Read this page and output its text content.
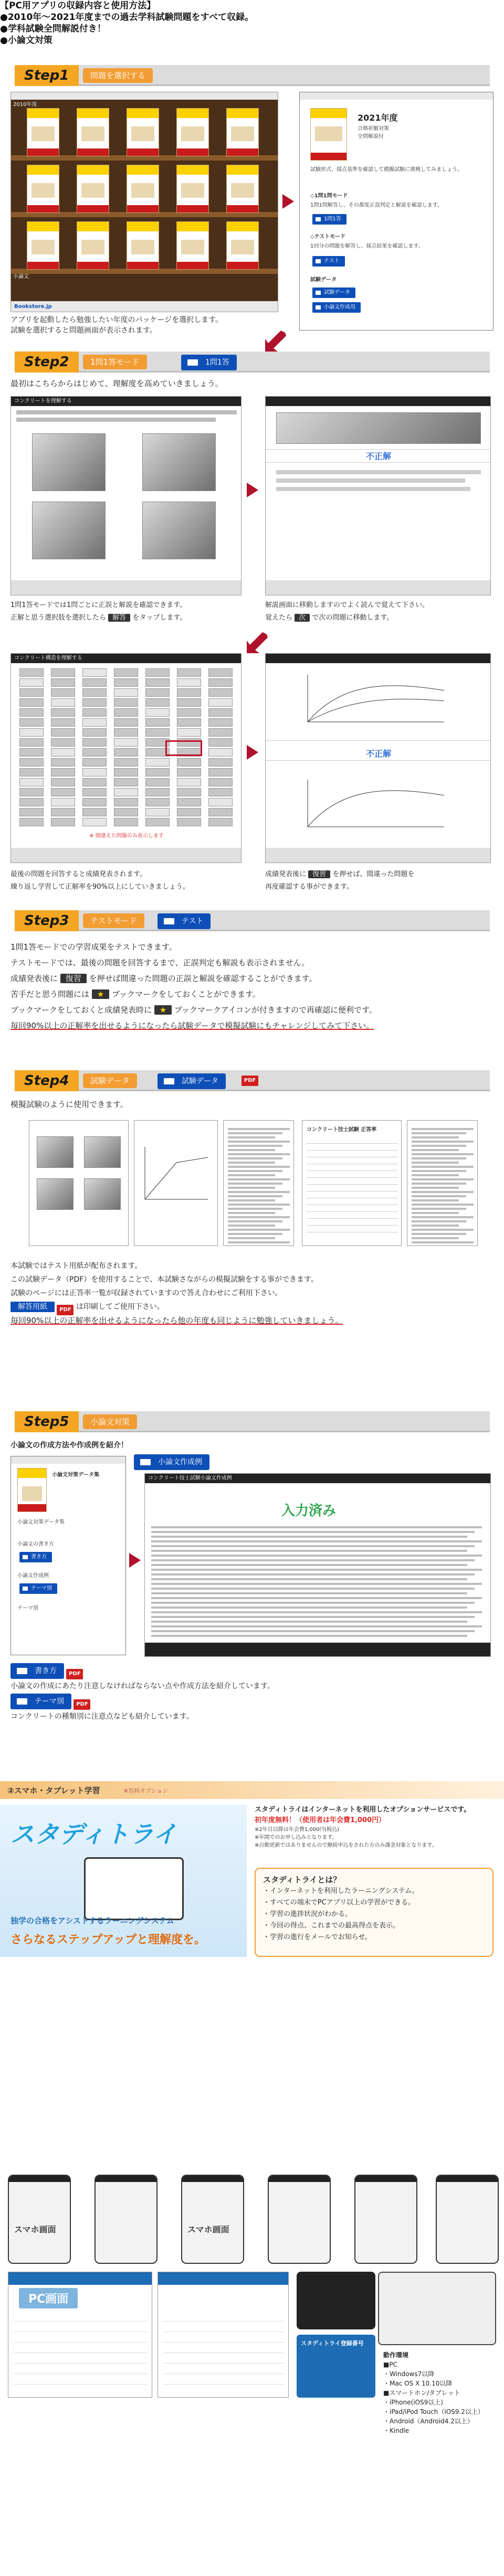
【PC用アプリの収録内容と使用方法】
●2010年～2021年度までの過去学科試験問題をすべて収録。
●学科試験全問解説付き！
●小論文対策
Step1	問題を選択する
2010年度
小論文
Bookstore.jp
2021年度
合格祈願対策
全問解説付
試験形式、採点基準を確認して模擬試験に挑戦してみましょう。
◇1問1問モード
1問1問解答し、その都度正誤判定と解説を確認します。
1問1答
◇テストモード
1回分の問題を解答し、採点結果を確認します。
テスト
試験データ
試験データ
小論文作成用
アプリを起動したら勉強したい年度のパッケージを選択します。
試験を選択すると問題画面が表示されます。
Step2	1問1答モード	1問1答
最初はこちらからはじめて、理解度を高めていきましょう。
コンクリートを理解する
不正解
1問1答モードでは1問ごとに正誤と解説を確認できます。
正解と思う選択肢を選択したら 解答 をタップします。
解説画面に移動しますのでよく読んで覚えて下さい。
覚えたら 次 で次の問題に移動します。
コンクリート構造を理解する
※ 間違えた問題のみ表示します
不正解
最後の問題を回答すると成績発表されます。
繰り返し学習して正解率を90%以上にしていきましょう。
成績発表後に 復習 を押せば、間違った問題を
再度確認する事ができます。
Step3	テストモード	テスト
1問1答モードでの学習成果をテストできます。
テストモードでは、最後の問題を回答するまで、正誤判定も解説も表示されません。
成績発表後に 復習 を押せば間違った問題の正誤と解説を確認することができます。
苦手だと思う問題には ★ ブックマークをしておくことができます。
ブックマークをしておくと成績発表時に ★ ブックマークアイコンが付きますので再確認に便利です。
毎回90%以上の正解率を出せるようになったら試験データで模擬試験にもチャレンジしてみて下さい。
Step4	試験データ	試験データ	PDF
模擬試験のように使用できます。
コンクリート技士試験 正答率
本試験ではテスト用紙が配布されます。
この試験データ（PDF）を使用することで、本試験さながらの模擬試験をする事ができます。
試験のページには正答率一覧が収録されていますので答え合わせにご利用下さい。
解答用紙 PDF は印刷してご使用下さい。
毎回90%以上の正解率を出せるようになったら他の年度も同じように勉強していきましょう。
Step5	小論文対策
小論文の作成方法や作成例を紹介！
小論文作成例
小論文対策データ集
小論文対策データ集
小論文の書き方
書き方
小論文作成例
テーマ別
テーマ別
コンクリート技士試験小論文作成例
入力済み
書き方 PDF
小論文の作成にあたり注意しなければならない点や作成方法を紹介しています。
テーマ別 PDF
コンクリートの種類別に注意点なども紹介しています。
②スマホ・タブレット学習	※有料オプション
スタディトライ
独学の合格をアシストするラーニングシステム
さらなるステップアップと理解度を。
スタディトライはインターネットを利用したオプションサービスです。
初年度無料！（使用者は年会費1,000円）
※2年目以降は年会費1,000円(税込)
※年間でのお申し込みとなります。
※自動更新ではありませんので継続申込をされた方のみ課金対象となります。
スタディトライとは？
・インターネットを利用したラーニングシステム。
・すべての端末でPCアプリ以上の学習ができる。
・学習の進捗状況がわかる。
・今回の得点、これまでの最高得点を表示。
・学習の進行をメールでお知らせ。
スマホ画面	スマホ画面
PC画面
スタディトライ登録番号
動作環境
■PC
・Windows7以降
・Mac OS X 10.10以降
■スマートホン/タブレット
・iPhone(iOS9以上)
・iPad/iPod Touch（iOS9.2以上）
・Android（Android4.2以上）
・Kindle
